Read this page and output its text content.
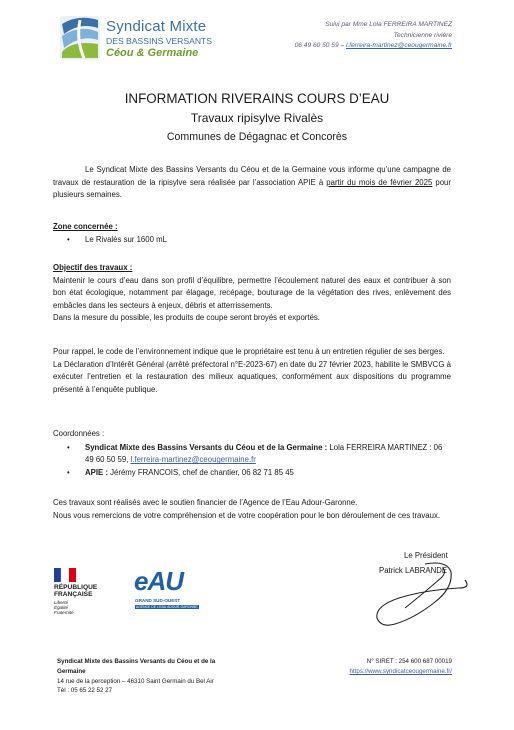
Syndicat Mixte
DES BASSINS VERSANTS
Céou & Germaine
Suivi par Mme Lola FERREIRA MARTINEZ
Technicienne rivière
06 49 60 50 59 – l.ferreira-martinez@ceougermaine.fr
INFORMATION RIVERAINS COURS D’EAU
Travaux ripisylve Rivalès
Communes de Dégagnac et Concorès
Le Syndicat Mixte des Bassins Versants du Céou et de la Germaine vous informe qu’une campagne de travaux de restauration de la ripisylve sera réalisée par l’association APIE à partir du mois de février 2025 pour plusieurs semaines.
Zone concernée :
• Le Rivalès sur 1600 mL
Objectif des travaux :
Maintenir le cours d’eau dans son profil d’équilibre, permettre l’écoulement naturel des eaux et contribuer à son bon état écologique, notamment par élagage, recépage, bouturage de la végétation des rives, enlèvement des embâcles dans les secteurs à enjeux, débris et atterrissements.
Dans la mesure du possible, les produits de coupe seront broyés et exportés.
Pour rappel, le code de l’environnement indique que le propriétaire est tenu à un entretien régulier de ses berges.
La Déclaration d’Intérêt Général (arrêté préfectoral n°E-2023-67) en date du 27 février 2023, habilite le SMBVCG à exécuter l’entretien et la restauration des milieux aquatiques, conformément aux dispositions du programme présenté à l’enquête publique.
Coordonnées :
• Syndicat Mixte des Bassins Versants du Céou et de la Germaine : Lola FERREIRA MARTINEZ : 06 49 60 50 59, l.ferreira-martinez@ceougermaine.fr
• APIE : Jérémy FRANCOIS, chef de chantier, 06 82 71 85 45
Ces travaux sont réalisés avec le soutien financier de l’Agence de l’Eau Adour-Garonne.
Nous vous remercions de votre compréhension et de votre coopération pour le bon déroulement de ces travaux.
Le Président
Patrick LABRANDE
RÉPUBLIQUE
FRANÇAISE
Liberté
Égalité
Fraternité
eAU
GRAND SUD-OUEST
AGENCE DE L’EAU ADOUR-GARONNE
Syndicat Mixte des Bassins Versants du Céou et de la
Germaine
14 rue de la perception – 46310 Saint Germain du Bel Air
Tél : 05 65 22 52 27
N° SIRET : 254 600 687 00019
https://www.syndicatceougermaine.fr/
